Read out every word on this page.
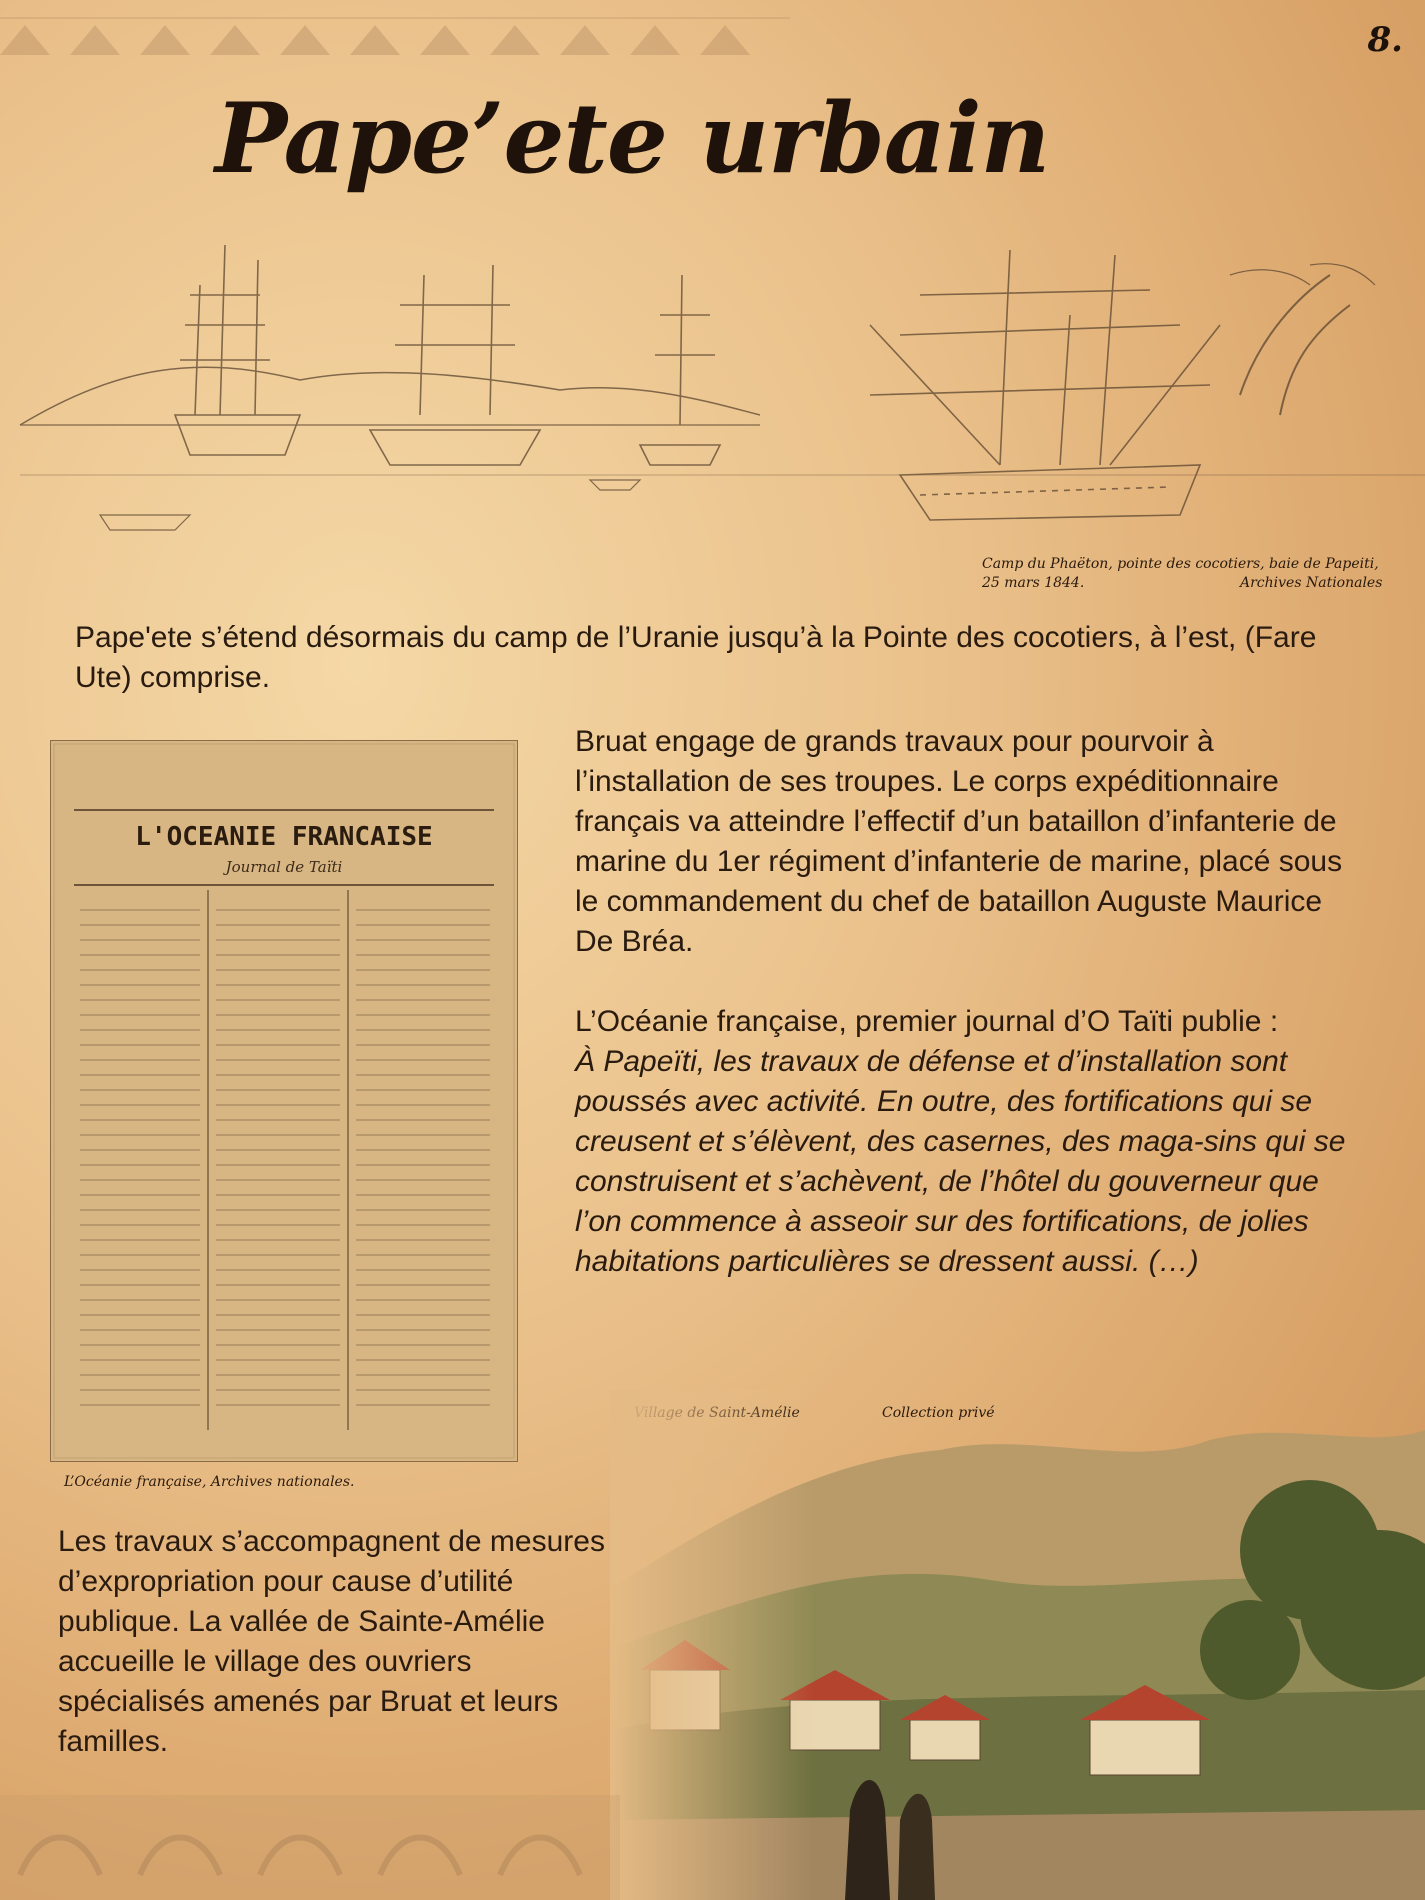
8.
Pape’ete urbain
Camp du Phaëton, pointe des cocotiers, baie de Papeiti,
25 mars 1844.	Archives Nationales

Pape'ete s’étend désormais du camp de l’Uranie jusqu’à la Pointe des cocotiers, à l’est, (Fare Ute) comprise.

L'OCEANIE FRANCAISE
Journal de Taïti
L’Océanie française, Archives nationales.

Bruat engage de grands travaux pour pourvoir à l’installation de ses troupes. Le corps expéditionnaire français va atteindre l’effectif d’un bataillon d’infanterie de marine du 1er régiment d’infanterie de marine, placé sous le commandement du chef de bataillon Auguste Maurice De Bréa.

L’Océanie française, premier journal d’O Taïti publie :
À Papeïti, les travaux de défense et d’installation sont poussés avec activité. En outre, des fortifications qui se creusent et s’élèvent, des casernes, des maga-sins qui se construisent et s’achèvent, de l’hôtel du gouverneur que l’on commence à asseoir sur des fortifications, de jolies habitations particulières se dressent aussi. (…)

Les travaux s’accompagnent de mesures d’expropriation pour cause d’utilité publique. La vallée de Sainte-Amélie accueille le village des ouvriers spécialisés amenés par Bruat et leurs familles.
